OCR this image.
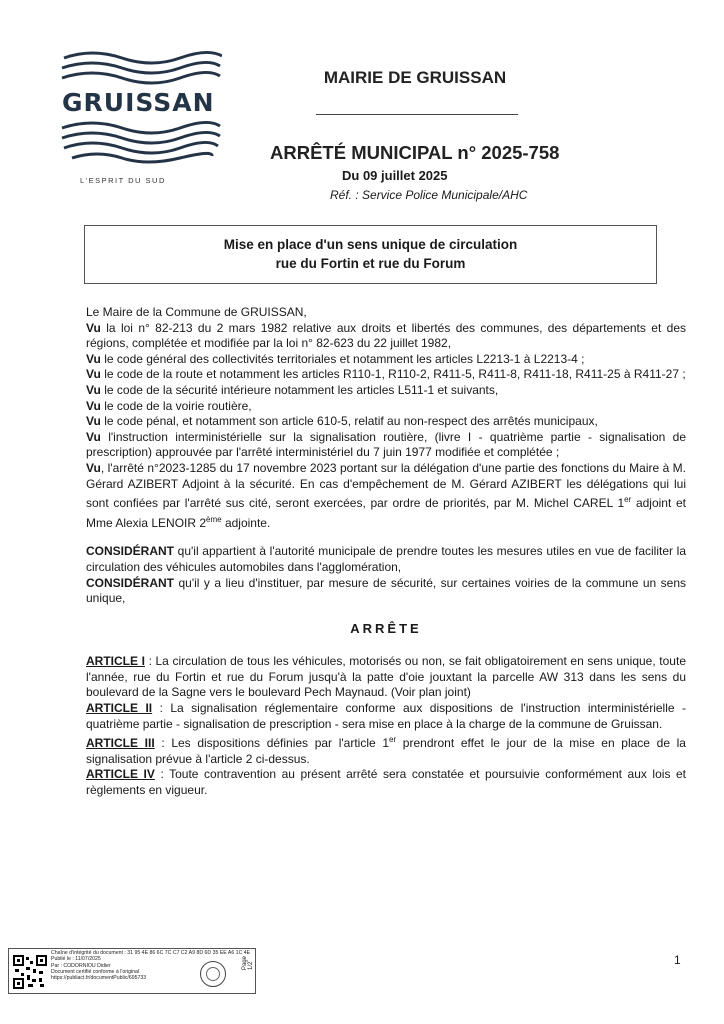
GRUISSAN
L'ESPRIT DU SUD
MAIRIE DE GRUISSAN
ARRÊTÉ MUNICIPAL n° 2025-758
Du 09 juillet 2025
Réf. : Service Police Municipale/AHC
Mise en place d'un sens unique de circulation
rue du Fortin et rue du Forum

Le Maire de la Commune de GRUISSAN,

Vu la loi n° 82-213 du 2 mars 1982 relative aux droits et libertés des communes, des départements et des régions, complétée et modifiée par la loi n° 82-623 du 22 juillet 1982,

Vu le code général des collectivités territoriales et notamment les articles L2213-1 à L2213-4 ;

Vu le code de la route et notamment les articles R110-1, R110-2, R411-5, R411-8, R411-18, R411-25 à R411-27 ;

Vu le code de la sécurité intérieure notamment les articles L511-1 et suivants,

Vu le code de la voirie routière,

Vu le code pénal, et notamment son article 610-5, relatif au non-respect des arrêtés municipaux,

Vu l'instruction interministérielle sur la signalisation routière, (livre I - quatrième partie - signalisation de prescription) approuvée par l'arrêté interministériel du 7 juin 1977 modifiée et complétée ;

Vu, l'arrêté n°2023-1285 du 17 novembre 2023 portant sur la délégation d'une partie des fonctions du Maire à M. Gérard AZIBERT Adjoint à la sécurité. En cas d'empêchement de M. Gérard AZIBERT les délégations qui lui sont confiées par l'arrêté sus cité, seront exercées, par ordre de priorités, par M. Michel CAREL 1er adjoint et Mme Alexia LENOIR 2ème adjointe.

CONSIDÉRANT qu'il appartient à l'autorité municipale de prendre toutes les mesures utiles en vue de faciliter la circulation des véhicules automobiles dans l'agglomération,

CONSIDÉRANT qu'il y a lieu d'instituer, par mesure de sécurité, sur certaines voiries de la commune un sens unique,

ARRÊTE

ARTICLE I : La circulation de tous les véhicules, motorisés ou non, se fait obligatoirement en sens unique, toute l'année, rue du Fortin et rue du Forum jusqu'à la patte d'oie jouxtant la parcelle AW 313 dans les sens du boulevard de la Sagne vers le boulevard Pech Maynaud. (Voir plan joint)

ARTICLE II : La signalisation réglementaire conforme aux dispositions de l'instruction interministérielle - quatrième partie - signalisation de prescription - sera mise en place à la charge de la commune de Gruissan.

ARTICLE III : Les dispositions définies par l'article 1er prendront effet le jour de la mise en place de la signalisation prévue à l'article 2 ci-dessus.

ARTICLE IV : Toute contravention au présent arrêté sera constatée et poursuivie conformément aux lois et règlements en vigueur.

Chaîne d'intégrité du document : 31 95 4E 86 6C 7C C7 C2 A9 8D 6D 35 EE A6 1C 4E
Publié le : 11/07/2025
Par : CODORNIOU Didier
Document certifié conforme à l'original
https://publiact.fr/documentPublic/695733
Page 1/2	1
